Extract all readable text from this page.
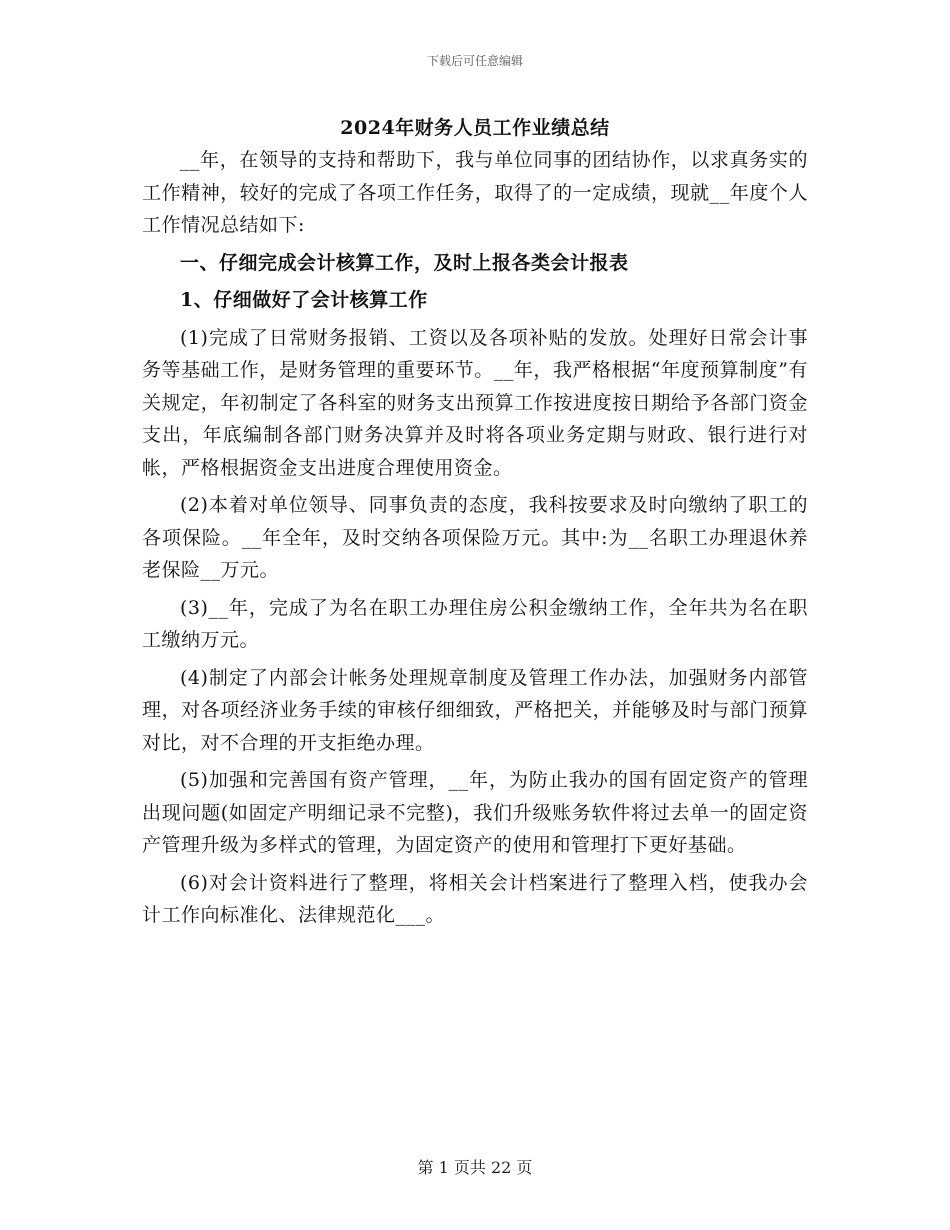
下载后可任意编辑
2024年财务人员工作业绩总结

__年，在领导的支持和帮助下，我与单位同事的团结协作，以求真务实的工作精神，较好的完成了各项工作任务，取得了的一定成绩，现就__年度个人工作情况总结如下:

一、仔细完成会计核算工作，及时上报各类会计报表

1、仔细做好了会计核算工作

(1)完成了日常财务报销、工资以及各项补贴的发放。处理好日常会计事务等基础工作，是财务管理的重要环节。__年，我严格根据“年度预算制度”有关规定，年初制定了各科室的财务支出预算工作按进度按日期给予各部门资金支出，年底编制各部门财务决算并及时将各项业务定期与财政、银行进行对帐，严格根据资金支出进度合理使用资金。

(2)本着对单位领导、同事负责的态度，我科按要求及时向缴纳了职工的各项保险。__年全年，及时交纳各项保险万元。其中:为__名职工办理退休养老保险__万元。

(3)__年，完成了为名在职工办理住房公积金缴纳工作，全年共为名在职工缴纳万元。

(4)制定了内部会计帐务处理规章制度及管理工作办法，加强财务内部管理，对各项经济业务手续的审核仔细细致，严格把关，并能够及时与部门预算对比，对不合理的开支拒绝办理。

(5)加强和完善国有资产管理，__年，为防止我办的国有固定资产的管理出现问题(如固定产明细记录不完整)，我们升级账务软件将过去单一的固定资产管理升级为多样式的管理，为固定资产的使用和管理打下更好基础。

(6)对会计资料进行了整理，将相关会计档案进行了整理入档，使我办会计工作向标准化、法律规范化___。

第 1 页共 22 页
